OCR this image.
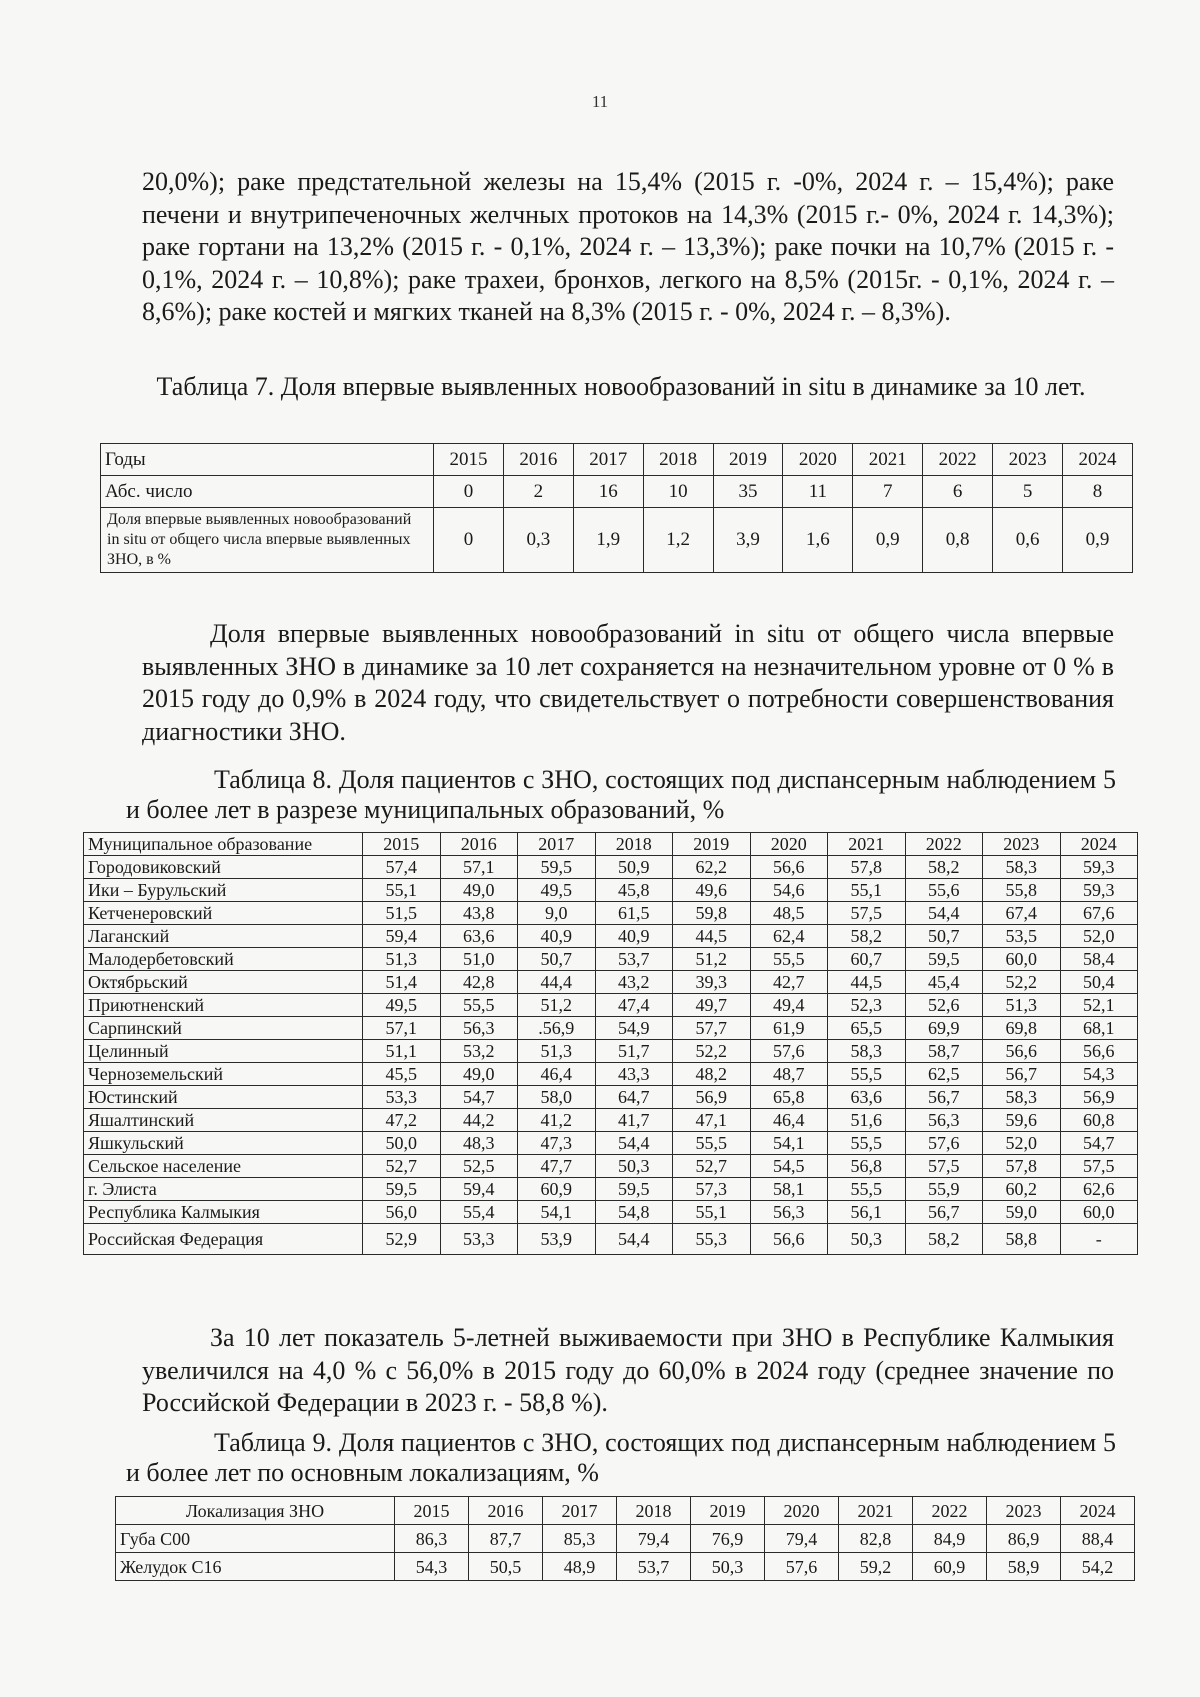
11

20,0%); раке предстательной железы на 15,4% (2015 г. -0%, 2024 г. – 15,4%); раке печени и внутрипеченочных желчных протоков на 14,3% (2015 г.- 0%, 2024 г. 14,3%); раке гортани на 13,2% (2015 г. - 0,1%, 2024 г. – 13,3%); раке почки на 10,7% (2015 г. - 0,1%, 2024 г. – 10,8%); раке трахеи, бронхов, легкого на 8,5% (2015г. - 0,1%, 2024 г. – 8,6%); раке костей и мягких тканей на 8,3% (2015 г. - 0%, 2024 г. – 8,3%).

Таблица 7. Доля впервые выявленных новообразований in situ в динамике за 10 лет.
Годы	2015	2016	2017	2018	2019	2020	2021	2022	2023	2024
Абс. число	0	2	16	10	35	11	7	6	5	8
Доля впервые выявленных новообразований in situ от общего числа впервые выявленных ЗНО, в %	0	0,3	1,9	1,2	3,9	1,6	0,9	0,8	0,6	0,9

Доля впервые выявленных новообразований in situ от общего числа впервые выявленных ЗНО в динамике за 10 лет сохраняется на незначительном уровне от 0 % в 2015 году до 0,9% в 2024 году, что свидетельствует о потребности совершенствования диагностики ЗНО.

Таблица 8. Доля пациентов с ЗНО, состоящих под диспансерным наблюдением 5 и более лет в разрезе муниципальных образований, %
Муниципальное образование	2015	2016	2017	2018	2019	2020	2021	2022	2023	2024
Городовиковский	57,4	57,1	59,5	50,9	62,2	56,6	57,8	58,2	58,3	59,3
Ики – Бурульский	55,1	49,0	49,5	45,8	49,6	54,6	55,1	55,6	55,8	59,3
Кетченеровский	51,5	43,8	9,0	61,5	59,8	48,5	57,5	54,4	67,4	67,6
Лаганский	59,4	63,6	40,9	40,9	44,5	62,4	58,2	50,7	53,5	52,0
Малодербетовский	51,3	51,0	50,7	53,7	51,2	55,5	60,7	59,5	60,0	58,4
Октябрьский	51,4	42,8	44,4	43,2	39,3	42,7	44,5	45,4	52,2	50,4
Приютненский	49,5	55,5	51,2	47,4	49,7	49,4	52,3	52,6	51,3	52,1
Сарпинский	57,1	56,3	.56,9	54,9	57,7	61,9	65,5	69,9	69,8	68,1
Целинный	51,1	53,2	51,3	51,7	52,2	57,6	58,3	58,7	56,6	56,6
Черноземельский	45,5	49,0	46,4	43,3	48,2	48,7	55,5	62,5	56,7	54,3
Юстинский	53,3	54,7	58,0	64,7	56,9	65,8	63,6	56,7	58,3	56,9
Яшалтинский	47,2	44,2	41,2	41,7	47,1	46,4	51,6	56,3	59,6	60,8
Яшкульский	50,0	48,3	47,3	54,4	55,5	54,1	55,5	57,6	52,0	54,7
Сельское население	52,7	52,5	47,7	50,3	52,7	54,5	56,8	57,5	57,8	57,5
г. Элиста	59,5	59,4	60,9	59,5	57,3	58,1	55,5	55,9	60,2	62,6
Республика Калмыкия	56,0	55,4	54,1	54,8	55,1	56,3	56,1	56,7	59,0	60,0
Российская Федерация	52,9	53,3	53,9	54,4	55,3	56,6	50,3	58,2	58,8	-

За 10 лет показатель 5-летней выживаемости при ЗНО в Республике Калмыкия увеличился на 4,0 % с 56,0% в 2015 году до 60,0% в 2024 году (среднее значение по Российской Федерации в 2023 г. - 58,8 %).

Таблица 9. Доля пациентов с ЗНО, состоящих под диспансерным наблюдением 5 и более лет по основным локализациям, %
Локализация ЗНО	2015	2016	2017	2018	2019	2020	2021	2022	2023	2024
Губа С00	86,3	87,7	85,3	79,4	76,9	79,4	82,8	84,9	86,9	88,4
Желудок С16	54,3	50,5	48,9	53,7	50,3	57,6	59,2	60,9	58,9	54,2
